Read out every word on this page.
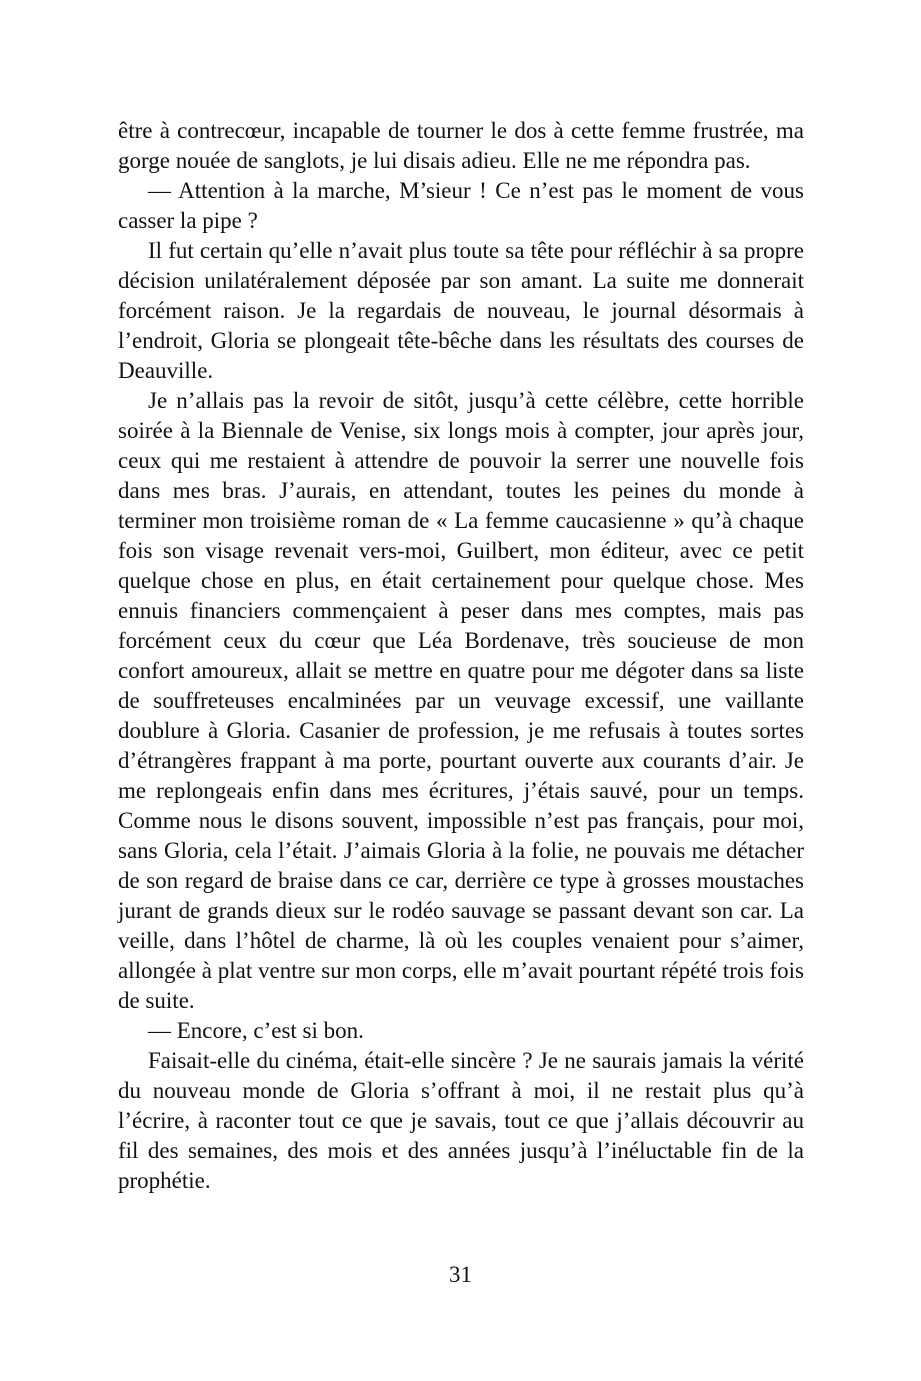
être à contrecœur, incapable de tourner le dos à cette femme frustrée, ma gorge nouée de sanglots, je lui disais adieu. Elle ne me répondra pas.

— Attention à la marche, M’sieur ! Ce n’est pas le moment de vous casser la pipe ?

Il fut certain qu’elle n’avait plus toute sa tête pour réfléchir à sa propre décision unilatéralement déposée par son amant. La suite me donnerait forcément raison. Je la regardais de nouveau, le journal désormais à l’endroit, Gloria se plongeait tête-bêche dans les résultats des courses de Deauville.

Je n’allais pas la revoir de sitôt, jusqu’à cette célèbre, cette horrible soirée à la Biennale de Venise, six longs mois à compter, jour après jour, ceux qui me restaient à attendre de pouvoir la serrer une nouvelle fois dans mes bras. J’aurais, en attendant, toutes les peines du monde à terminer mon troisième roman de « La femme caucasienne » qu’à chaque fois son visage revenait vers-moi, Guilbert, mon éditeur, avec ce petit quelque chose en plus, en était certainement pour quelque chose. Mes ennuis financiers commençaient à peser dans mes comptes, mais pas forcément ceux du cœur que Léa Bordenave, très soucieuse de mon confort amoureux, allait se mettre en quatre pour me dégoter dans sa liste de souffreteuses encalminées par un veuvage excessif, une vaillante doublure à Gloria. Casanier de profession, je me refusais à toutes sortes d’étrangères frappant à ma porte, pourtant ouverte aux courants d’air. Je me replongeais enfin dans mes écritures, j’étais sauvé, pour un temps. Comme nous le disons souvent, impossible n’est pas français, pour moi, sans Gloria, cela l’était. J’aimais Gloria à la folie, ne pouvais me détacher de son regard de braise dans ce car, derrière ce type à grosses moustaches jurant de grands dieux sur le rodéo sauvage se passant devant son car. La veille, dans l’hôtel de charme, là où les couples venaient pour s’aimer, allongée à plat ventre sur mon corps, elle m’avait pourtant répété trois fois de suite.

— Encore, c’est si bon.

Faisait-elle du cinéma, était-elle sincère ? Je ne saurais jamais la vérité du nouveau monde de Gloria s’offrant à moi, il ne restait plus qu’à l’écrire, à raconter tout ce que je savais, tout ce que j’allais découvrir au fil des semaines, des mois et des années jusqu’à l’inéluctable fin de la prophétie.

31
